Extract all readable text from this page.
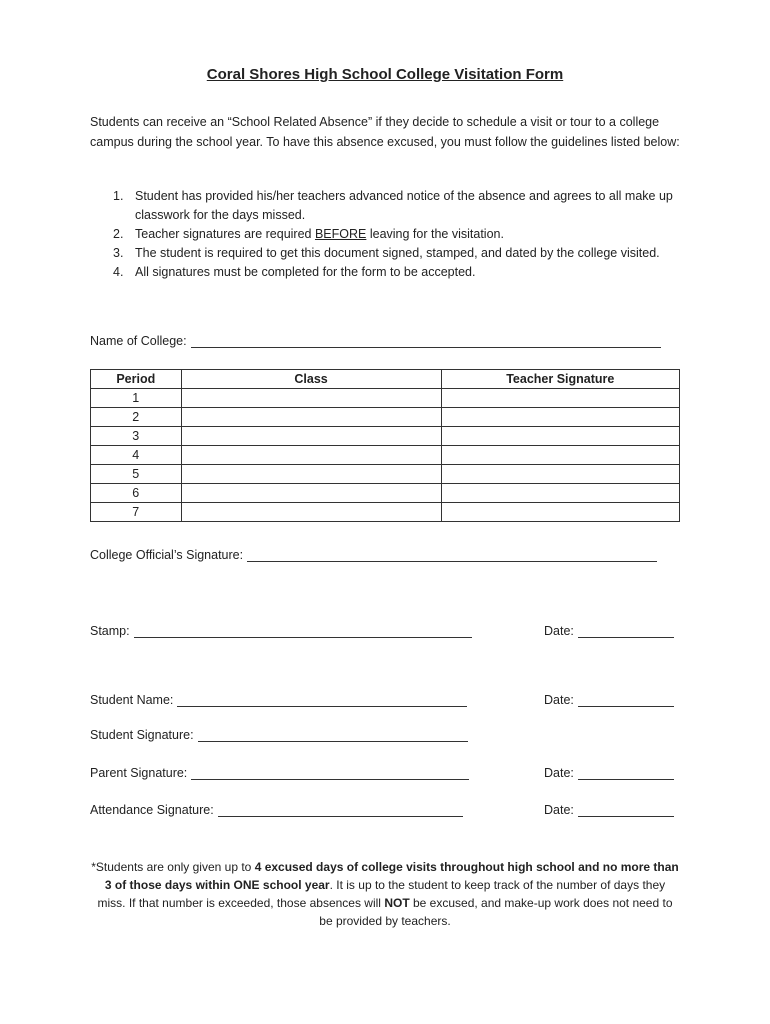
Coral Shores High School College Visitation Form

Students can receive an “School Related Absence” if they decide to schedule a visit or tour to a college campus during the school year. To have this absence excused, you must follow the guidelines listed below:

1. Student has provided his/her teachers advanced notice of the absence and agrees to all make up classwork for the days missed.
2. Teacher signatures are required BEFORE leaving for the visitation.
3. The student is required to get this document signed, stamped, and dated by the college visited.
4. All signatures must be completed for the form to be accepted.
Name of College:
Period	Class	Teacher Signature
1		
2		
3		
4		
5		
6		
7		
College Official’s Signature:
Stamp:	Date:
Student Name:	Date:
Student Signature:
Parent Signature:	Date:
Attendance Signature:	Date:

*Students are only given up to 4 excused days of college visits throughout high school and no more than 3 of those days within ONE school year. It is up to the student to keep track of the number of days they miss. If that number is exceeded, those absences will NOT be excused, and make-up work does not need to be provided by teachers.
